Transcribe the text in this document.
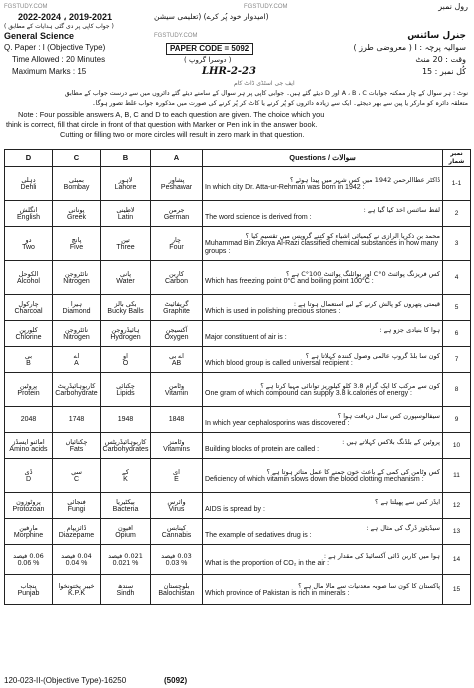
FGSTUDY.COM	FGSTUDY.COM	رول نمبر
2022-2024 ، 2019-2021	(امیدوار خود پُر کرے) (تعلیمی سیشن
( جواب کاپی پر دی گئی ہدایات کے مطابق )
General Science	FGSTUDY.COM	جنرل سائنس
Q. Paper : I (Objective Type)	PAPER CODE = 5092	سوالیہ پرچہ : I ( معروضی طرز )
Time Allowed : 20 Minutes	( دوسرا گروپ )	وقت : 20 منٹ
Maximum Marks : 15	LHR-2-23	کُل نمبر : 15
ایف جی اسٹڈی ڈاٹ کام
نوٹ : ہر سوال کے چار ممکنہ جوابات A ، B ، C اور D دیئے گئے ہیں۔ جوابی کاپی پر ہر سوال کے سامنے دیئے گئے دائروں میں سے درست جواب کے مطابق
متعلقہ دائرہ کو مارکر یا پین سے بھر دیجئے۔ ایک سے زیادہ دائروں کو پُر کرنے یا کاٹ کر پُر کرنے کی صورت میں مذکورہ جواب غلط تصور ہوگا۔
Note : Four possible answers A, B, C and D to each question are given. The choice which you
think is correct, fill that circle in front of that question with Marker or Pen ink in the answer book.
Cutting or filling two or more circles will result in zero mark in that question.
D	C	B	A	Questions / سوالات	نمبر شمار

دہلی
Dehli	بمبئی
Bombay	لاہور
Lahore	پشاور
Peshawar	ڈاکٹر عطاالرحمن 1942 میں کس شہر میں پیدا ہوئے ؟
In which city Dr. Atta-ur-Rehman was born in 1942 :	1-1

انگلش
English	یونانی
Greek	لاطینی
Latin	جرمن
German	لفظ سائنس اخذ کیا گیا ہے :
The word science is derived from :	2

دو
Two	پانچ
Five	تین
Three	چار
Four	محمد بن ذکریا الرازی نے کیمیائی اشیاء کو کتنے گروپس میں تقسیم کیا ؟
Muhammad Bin Zikrya Al-Razi classified chemical substances in how many groups :	3

الکوحل
Alcohol	نائٹروجن
Nitrogen	پانی
Water	کاربن
Carbon	کس فریزنگ پوائنٹ 0°C اور بوائلنگ پوائنٹ 100°C ہے ؟
Which has freezing point 0°C and boiling point 100°C :	4

چارکول
Charcoal	ہیرا
Diamond	بکی بالز
Bucky Balls	گریفائیٹ
Graphite	قیمتی پتھروں کو پالش کرنے کے لیے استعمال ہوتا ہے :
Which is used in polishing precious stones :	5

کلورین
Chlorine	نائٹروجن
Nitrogen	ہائیڈروجن
Hydrogen	آکسیجن
Oxygen	ہوا کا بنیادی جزو ہے :
Major constituent of air is :	6

بی
B	اے
A	او
O	اے بی
AB	کون سا بلڈ گروپ عالمی وصول کنندہ کہلاتا ہے ؟
Which blood group is called universal recipient :	7

پروٹین
Protein	کاربوہائیڈریٹ
Carbohydrate	چکنائی
Lipids	وٹامن
Vitamin	کون سے مرکب کا ایک گرام 3.8 کلو کیلوریز توانائی مہیا کرتا ہے ؟
One gram of which compound can supply 3.8 k.calories of energy :	8

2048	1748	1948	1848	سیفالوسپورن کس سال دریافت ہوا ؟
In which year cephalosporins was discovered :	9

امائنو ایسڈز
Amino acids	چکنائیاں
Fats	کاربوہائیڈریٹس
Carbohydrates	وٹامنز
Vitamins	پروٹین کے بلڈنگ بلاکس کہلاتے ہیں :
Building blocks of protein are called :	10

ڈی
D	سی
C	کے
K	ای
E	کس وٹامن کی کمی کے باعث خون جمنے کا عمل متاثر ہوتا ہے ؟
Deficiency of which vitamin slows down the blood clotting mechanism :	11

پروٹوزون
Protozoan	فنجائی
Fungi	بیکٹیریا
Bacteria	وائرس
Virus	ایڈز کس سے پھیلتا ہے ؟
AIDS is spread by :	12

مارفین
Morphine	ڈائزیپام
Diazepame	افیون
Opium	کینابس
Cannabis	سیڈیٹوز ڈرگ کی مثال ہے :
The example of sedatives drug is :	13

0.06 فیصد
0.06 %	0.04 فیصد
0.04 %	0.021 فیصد
0.021 %	0.03 فیصد
0.03 %	ہوا میں کاربن ڈائی آکسائیڈ کی مقدار ہے :
What is the proportion of CO₂ in the air :	14

پنجاب
Punjab	خیبر پختونخوا
K.P.K	سندھ
Sindh	بلوچستان
Balochistan	پاکستان کا کون سا صوبہ معدنیات سے مالا مال ہے ؟
Which province of Pakistan is rich in minerals :	15
120-023-II-(Objective Type)-16250	(5092)
